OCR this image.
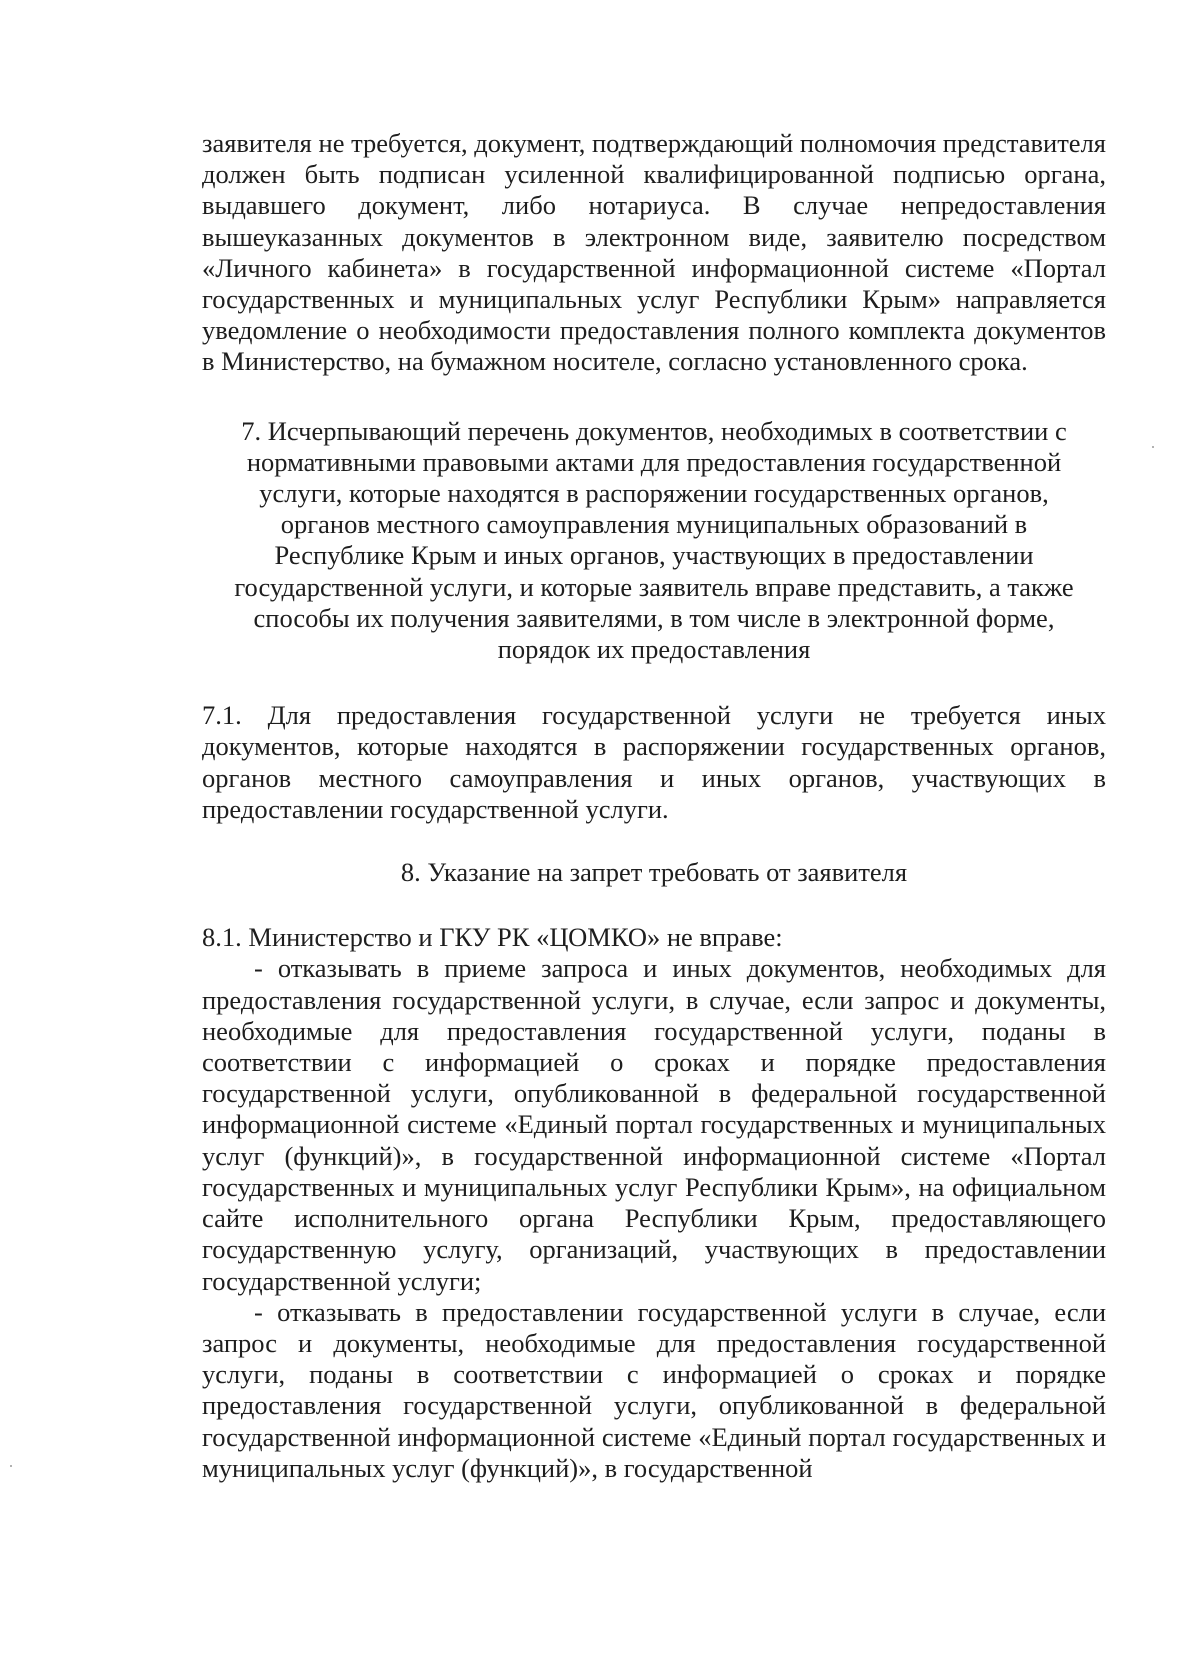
заявителя не требуется, документ, подтверждающий полномочия представителя должен быть подписан усиленной квалифицированной подписью органа, выдавшего документ, либо нотариуса. В случае непредоставления вышеуказанных документов в электронном виде, заявителю посредством «Личного кабинета» в государственной информационной системе «Портал государственных и муниципальных услуг Республики Крым» направляется уведомление о необходимости предоставления полного комплекта документов в Министерство, на бумажном носителе, согласно установленного срока.

7. Исчерпывающий перечень документов, необходимых в соответствии с нормативными правовыми актами для предоставления государственной услуги, которые находятся в распоряжении государственных органов, органов местного самоуправления муниципальных образований в Республике Крым и иных органов, участвующих в предоставлении государственной услуги, и которые заявитель вправе представить, а также способы их получения заявителями, в том числе в электронной форме, порядок их предоставления

7.1. Для предоставления государственной услуги не требуется иных документов, которые находятся в распоряжении государственных органов, органов местного самоуправления и иных органов, участвующих в предоставлении государственной услуги.

8. Указание на запрет требовать от заявителя

8.1. Министерство и ГКУ РК «ЦОМКО» не вправе:

- отказывать в приеме запроса и иных документов, необходимых для предоставления государственной услуги, в случае, если запрос и документы, необходимые для предоставления государственной услуги, поданы в соответствии с информацией о сроках и порядке предоставления государственной услуги, опубликованной в федеральной государственной информационной системе «Единый портал государственных и муниципальных услуг (функций)», в государственной информационной системе «Портал государственных и муниципальных услуг Республики Крым», на официальном сайте исполнительного органа Республики Крым, предоставляющего государственную услугу, организаций, участвующих в предоставлении государственной услуги;

- отказывать в предоставлении государственной услуги в случае, если запрос и документы, необходимые для предоставления государственной услуги, поданы в соответствии с информацией о сроках и порядке предоставления государственной услуги, опубликованной в федеральной государственной информационной системе «Единый портал государственных и муниципальных услуг (функций)», в государственной
